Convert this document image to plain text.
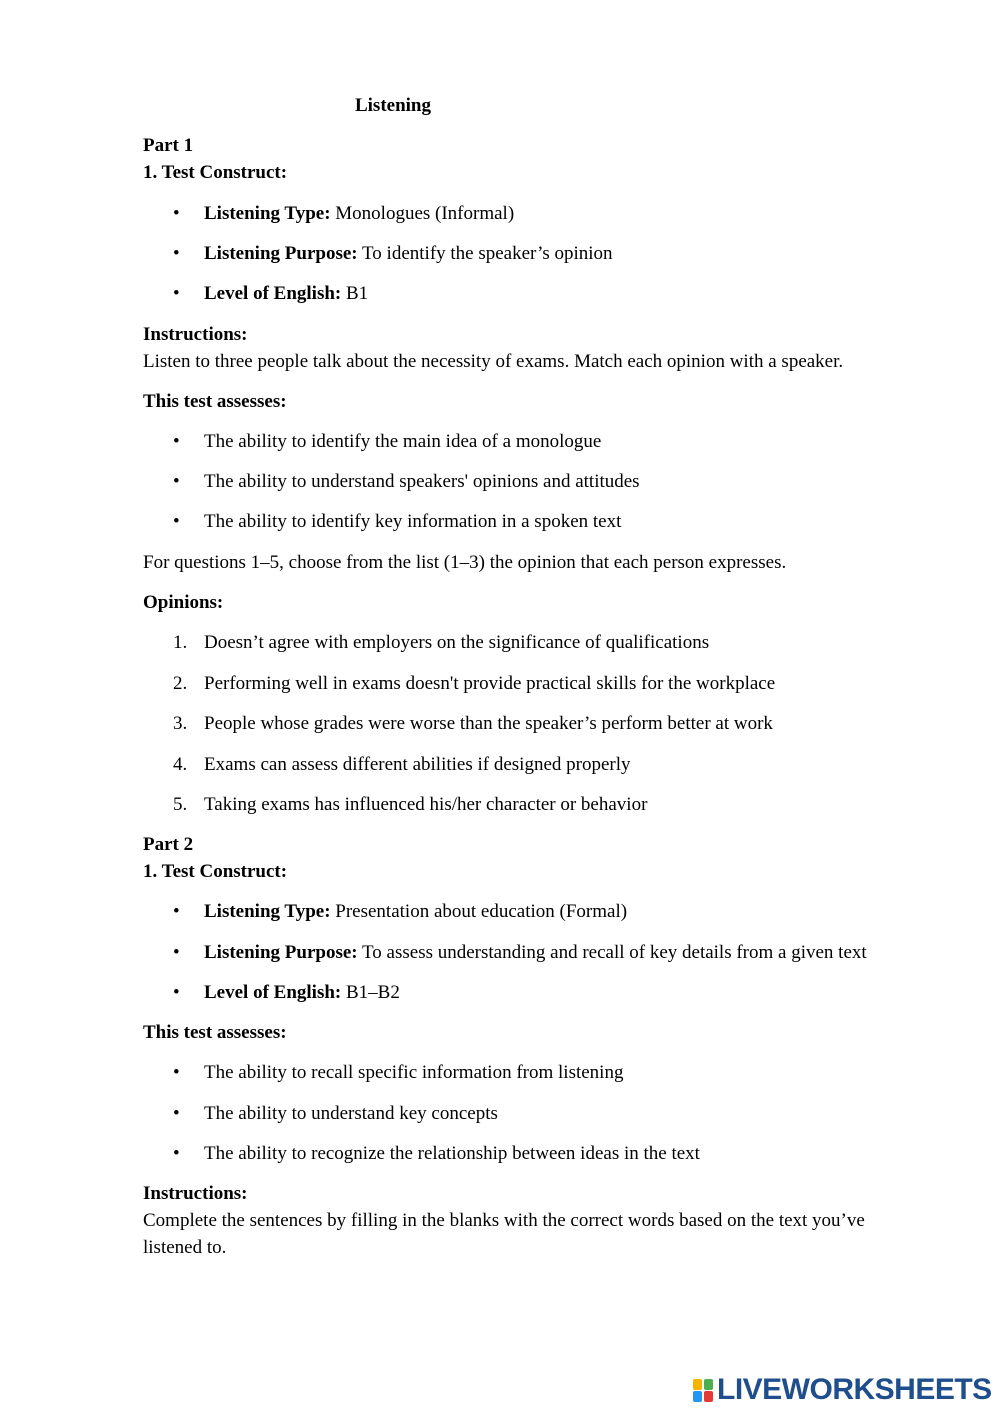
Listening
Part 1
1. Test Construct:
• Listening Type: Monologues (Informal)
• Listening Purpose: To identify the speaker’s opinion
• Level of English: B1
Instructions:
Listen to three people talk about the necessity of exams. Match each opinion with a speaker.
This test assesses:
• The ability to identify the main idea of a monologue
• The ability to understand speakers' opinions and attitudes
• The ability to identify key information in a spoken text
For questions 1–5, choose from the list (1–3) the opinion that each person expresses.
Opinions:
1. Doesn’t agree with employers on the significance of qualifications
2. Performing well in exams doesn't provide practical skills for the workplace
3. People whose grades were worse than the speaker’s perform better at work
4. Exams can assess different abilities if designed properly
5. Taking exams has influenced his/her character or behavior
Part 2
1. Test Construct:
• Listening Type: Presentation about education (Formal)
• Listening Purpose: To assess understanding and recall of key details from a given text
• Level of English: B1–B2
This test assesses:
• The ability to recall specific information from listening
• The ability to understand key concepts
• The ability to recognize the relationship between ideas in the text
Instructions:
Complete the sentences by filling in the blanks with the correct words based on the text you’ve
listened to.
LIVEWORKSHEETS
